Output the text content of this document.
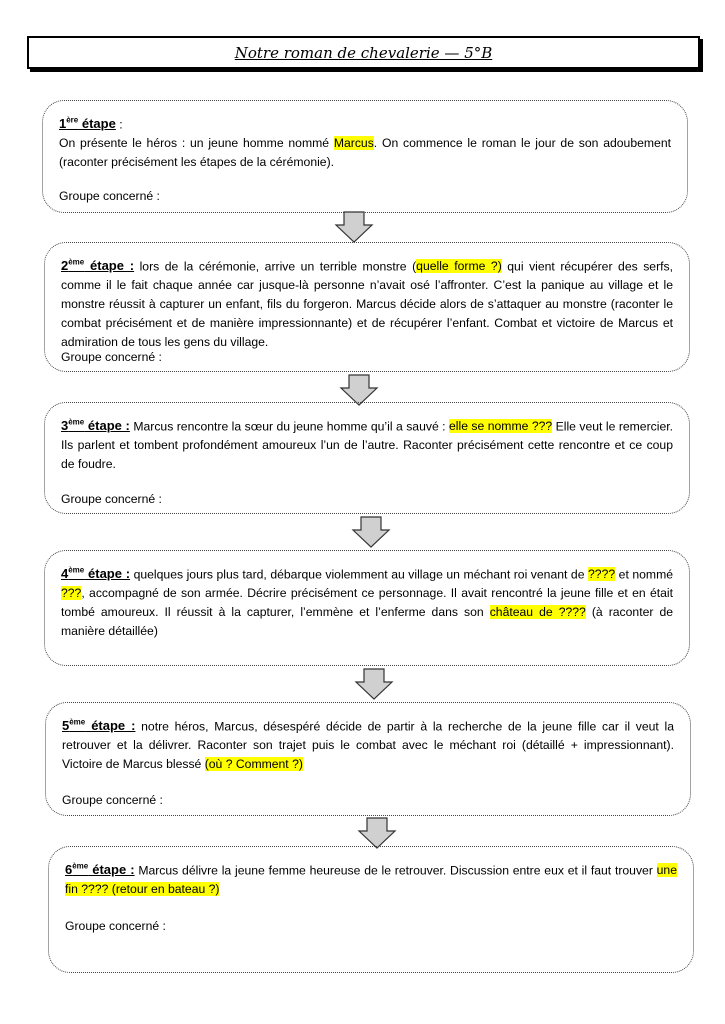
Notre roman de chevalerie — 5°B

1ère étape :
On présente le héros : un jeune homme nommé Marcus. On commence le roman le jour de son adoubement (raconter précisément les étapes de la cérémonie).

Groupe concerné :

2ème étape : lors de la cérémonie, arrive un terrible monstre (quelle forme ?) qui vient récupérer des serfs, comme il le fait chaque année car jusque-là personne n’avait osé l’affronter. C’est la panique au village et le monstre réussit à capturer un enfant, fils du forgeron. Marcus décide alors de s’attaquer au monstre (raconter le combat précisément et de manière impressionnante) et de récupérer l’enfant. Combat et victoire de Marcus et admiration de tous les gens du village.

Groupe concerné :

3ème étape : Marcus rencontre la sœur du jeune homme qu’il a sauvé : elle se nomme ??? Elle veut le remercier. Ils parlent et tombent profondément amoureux l’un de l’autre. Raconter précisément cette rencontre et ce coup de foudre.

Groupe concerné :

4ème étape : quelques jours plus tard, débarque violemment au village un méchant roi venant de ???? et nommé ???, accompagné de son armée. Décrire précisément ce personnage. Il avait rencontré la jeune fille et en était tombé amoureux. Il réussit à la capturer, l’emmène et l’enferme dans son château de ???? (à raconter de manière détaillée)

5ème étape : notre héros, Marcus, désespéré décide de partir à la recherche de la jeune fille car il veut la retrouver et la délivrer. Raconter son trajet puis le combat avec le méchant roi (détaillé + impressionnant). Victoire de Marcus blessé (où ? Comment ?)

Groupe concerné :

6ème étape : Marcus délivre la jeune femme heureuse de le retrouver. Discussion entre eux et il faut trouver une fin ???? (retour en bateau ?)

Groupe concerné :
